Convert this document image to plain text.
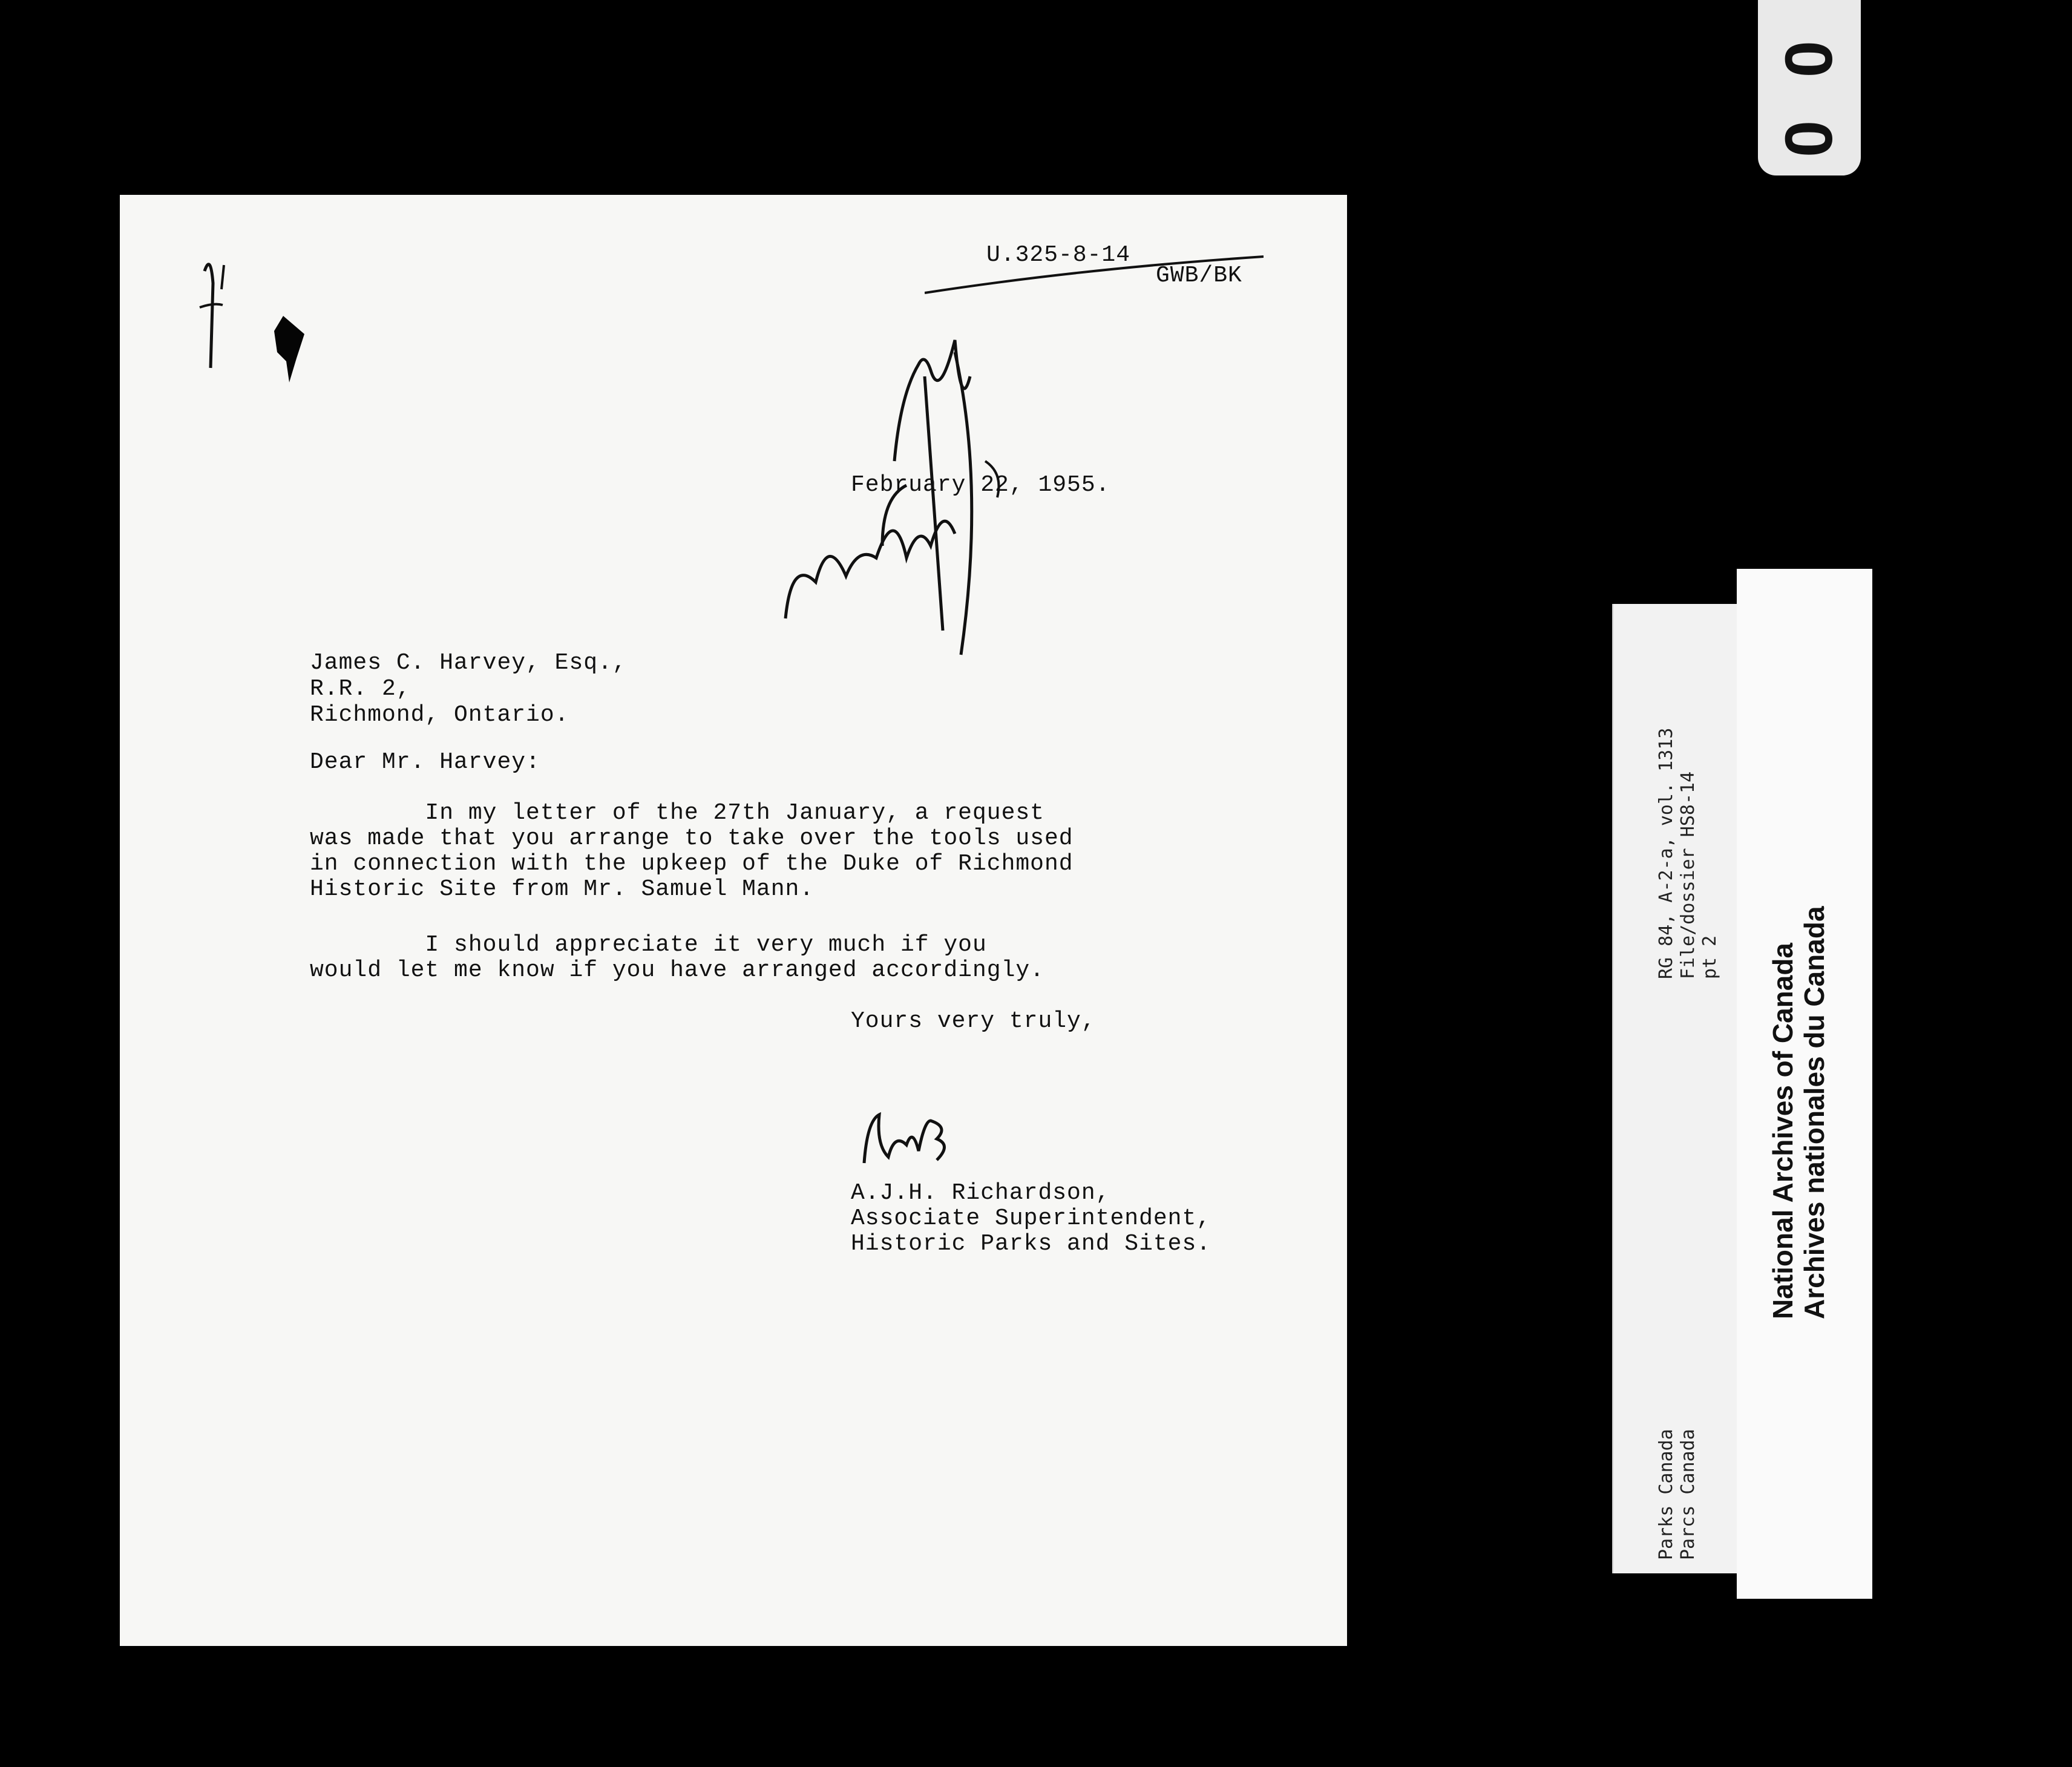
U.325-8-14
GWB/BK
February 22, 1955.
James C. Harvey, Esq.,
R.R. 2,
Richmond, Ontario.
Dear Mr. Harvey:
In my letter of the 27th January, a request
was made that you arrange to take over the tools used
in connection with the upkeep of the Duke of Richmond
Historic Site from Mr. Samuel Mann.
I should appreciate it very much if you
would let me know if you have arranged accordingly.
Yours very truly,
A.J.H. Richardson,
Associate Superintendent,
Historic Parks and Sites.
RG 84, A-2-a, vol. 1313 File/dossier HS8-14 pt 2
Parks Canada Parcs Canada
National Archives of Canada Archives nationales du Canada
0 0
